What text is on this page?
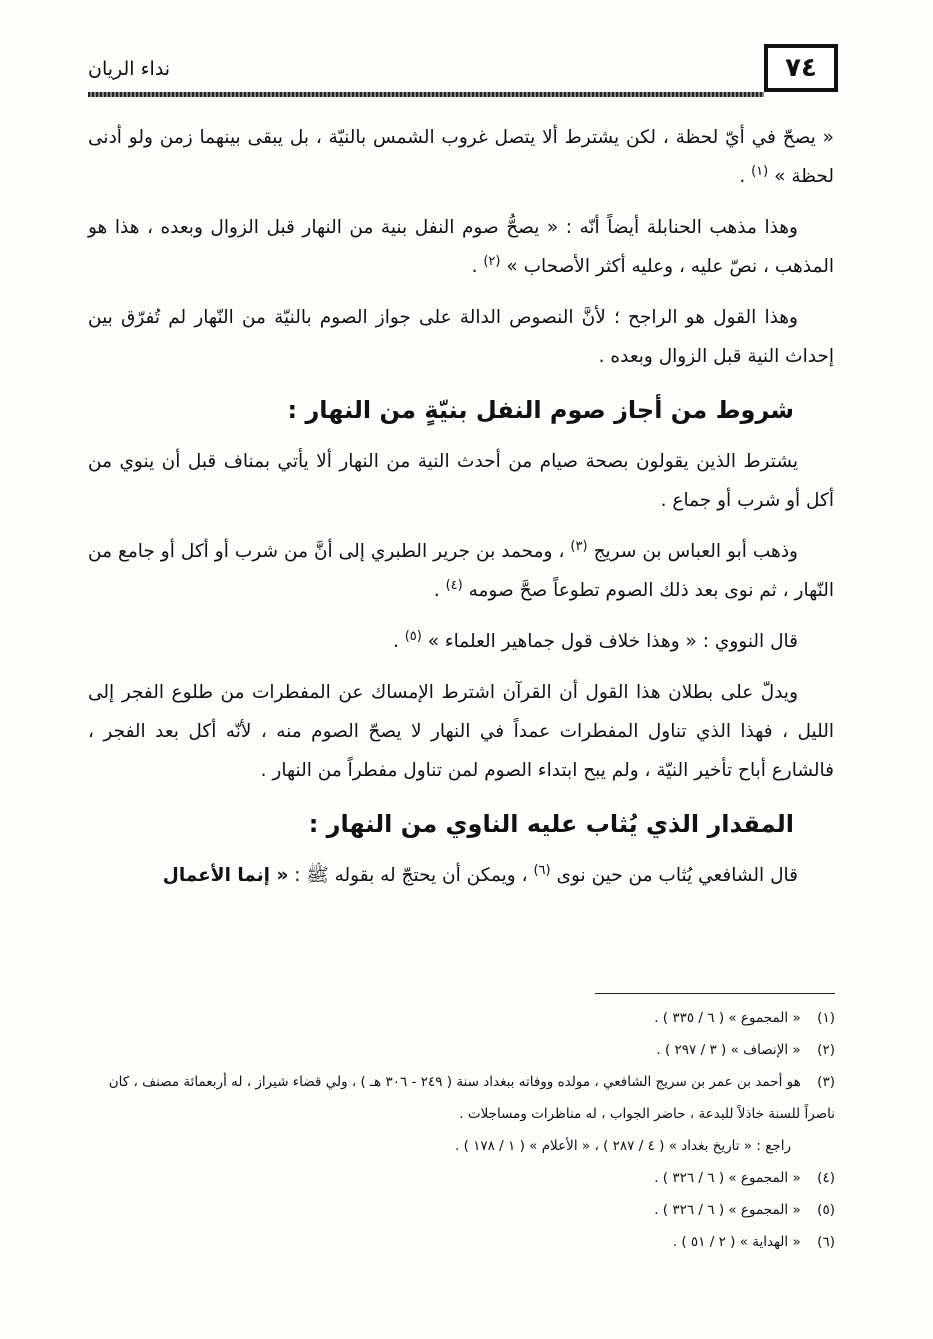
٧٤
نداء الريان

« يصحّ في أيّ لحظة ، لكن يشترط ألا يتصل غروب الشمس بالنيّة ، بل يبقى بينهما زمن ولو أدنى لحظة » $^{(١)}$ .

وهذا مذهب الحنابلة أيضاً أنّه : « يصحُّ صوم النفل بنية من النهار قبل الزوال وبعده ، هذا هو المذهب ، نصّ عليه ، وعليه أكثر الأصحاب » $^{(٢)}$ .

وهذا القول هو الراجح ؛ لأنَّ النصوص الدالة على جواز الصوم بالنيّة من النّهار لم تُفرّق بين إحداث النية قبل الزوال وبعده .

شروط من أجاز صوم النفل بنيّةٍ من النهار :

يشترط الذين يقولون بصحة صيام من أحدث النية من النهار ألا يأتي بمناف قبل أن ينوي من أكل أو شرب أو جماع .

وذهب أبو العباس بن سريج $^{(٣)}$ ، ومحمد بن جرير الطبري إلى أنَّ من شرب أو أكل أو جامع من النّهار ، ثم نوى بعد ذلك الصوم تطوعاً صحَّ صومه $^{(٤)}$ .

قال النووي : « وهذا خلاف قول جماهير العلماء » $^{(٥)}$ .

ويدلّ على بطلان هذا القول أن القرآن اشترط الإمساك عن المفطرات من طلوع الفجر إلى الليل ، فهذا الذي تناول المفطرات عمداً في النهار لا يصحّ الصوم منه ، لأنّه أكل بعد الفجر ، فالشارع أباح تأخير النيّة ، ولم يبح ابتداء الصوم لمن تناول مفطراً من النهار .

المقدار الذي يُثاب عليه الناوي من النهار :

قال الشافعي يُثاب من حين نوى $^{(٦)}$ ، ويمكن أن يحتجّ له بقوله ﷺ : « إنما الأعمال

(١) « المجموع » ( ٦ / ٣٣٥ ) .

(٢) « الإنصاف » ( ٣ / ٢٩٧ ) .

(٣) هو أحمد بن عمر بن سريج الشافعي ، مولده ووفاته ببغداد سنة ( ٢٤٩ - ٣٠٦ هـ ) ، ولي قضاء شيراز ، له أربعمائة مصنف ، كان ناصراً للسنة خاذلاً للبدعة ، حاضر الجواب ، له مناظرات ومساجلات .

راجع : « تاريخ بغداد » ( ٤ / ٢٨٧ ) ، « الأعلام » ( ١ / ١٧٨ ) .

(٤) « المجموع » ( ٦ / ٣٢٦ ) .

(٥) « المجموع » ( ٦ / ٣٢٦ ) .

(٦) « الهداية » ( ٢ / ٥١ ) .
